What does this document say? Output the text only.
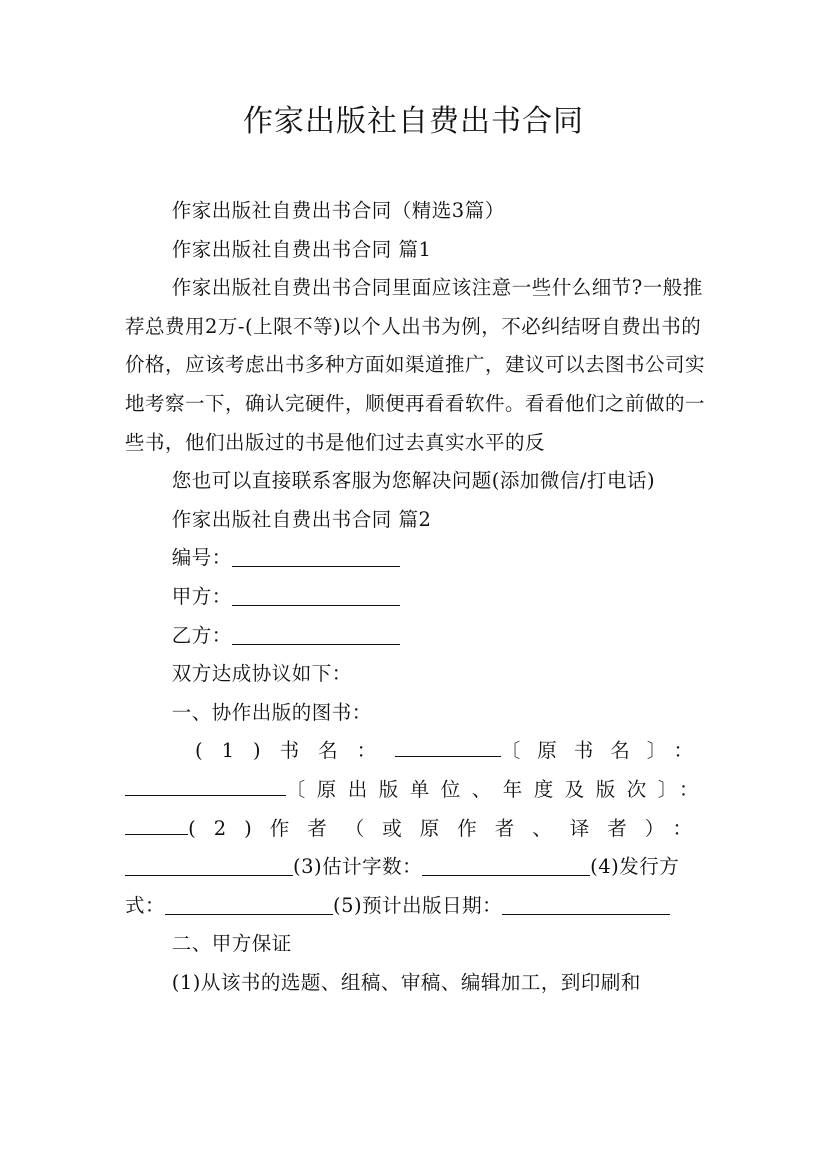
作家出版社自费出书合同

作家出版社自费出书合同（精选3篇）

作家出版社自费出书合同 篇1

作家出版社自费出书合同里面应该注意一些什么细节?一般推荐总费用2万-(上限不等)以个人出书为例，不必纠结呀自费出书的价格，应该考虑出书多种方面如渠道推广，建议可以去图书公司实地考察一下，确认完硬件，顺便再看看软件。看看他们之前做的一些书，他们出版过的书是他们过去真实水平的反

您也可以直接联系客服为您解决问题(添加微信/打电话)

作家出版社自费出书合同 篇2

编号：

甲方：

乙方：

双方达成协议如下：

一、协作出版的图书：

(1)书名：	〔原书名〕：
〔原出版单位、年度及版次〕：
(2)作者（或原作者、译者）：
(3)估计字数：	(4)发行方
式：	(5)预计出版日期：

二、甲方保证

(1)从该书的选题、组稿、审稿、编辑加工，到印刷和
